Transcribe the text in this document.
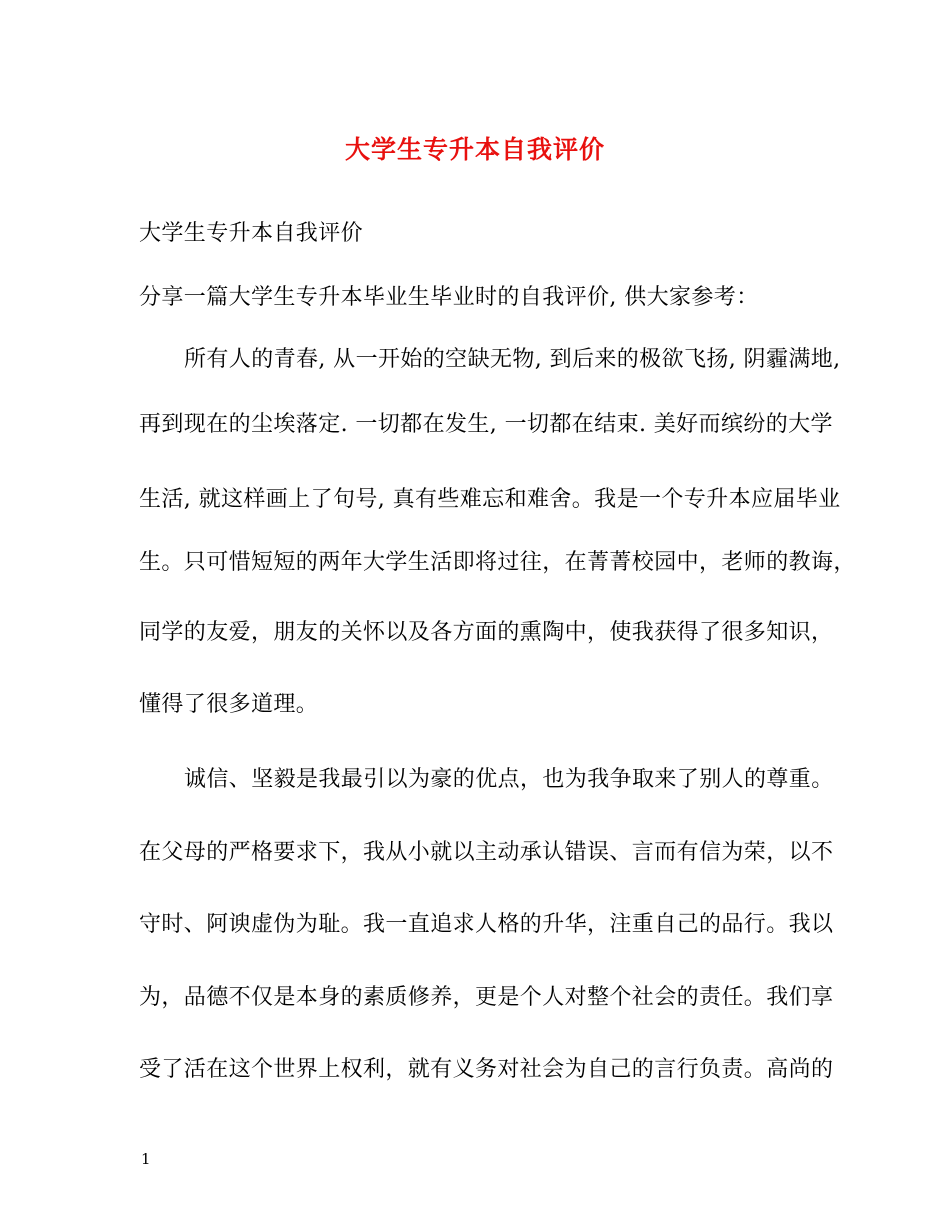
大学生专升本自我评价
大学生专升本自我评价
分享一篇大学生专升本毕业生毕业时的自我评价, 供大家参考：
所有人的青春, 从一开始的空缺无物, 到后来的极欲飞扬, 阴霾满地,
再到现在的尘埃落定. 一切都在发生, 一切都在结束. 美好而缤纷的大学
生活, 就这样画上了句号, 真有些难忘和难舍。我是一个专升本应届毕业
生。只可惜短短的两年大学生活即将过往，在菁菁校园中，老师的教诲，
同学的友爱，朋友的关怀以及各方面的熏陶中，使我获得了很多知识，
懂得了很多道理。
诚信、坚毅是我最引以为豪的优点，也为我争取来了别人的尊重。
在父母的严格要求下，我从小就以主动承认错误、言而有信为荣，以不
守时、阿谀虚伪为耻。我一直追求人格的升华，注重自己的品行。我以
为，品德不仅是本身的素质修养，更是个人对整个社会的责任。我们享
受了活在这个世界上权利，就有义务对社会为自己的言行负责。高尚的
1
